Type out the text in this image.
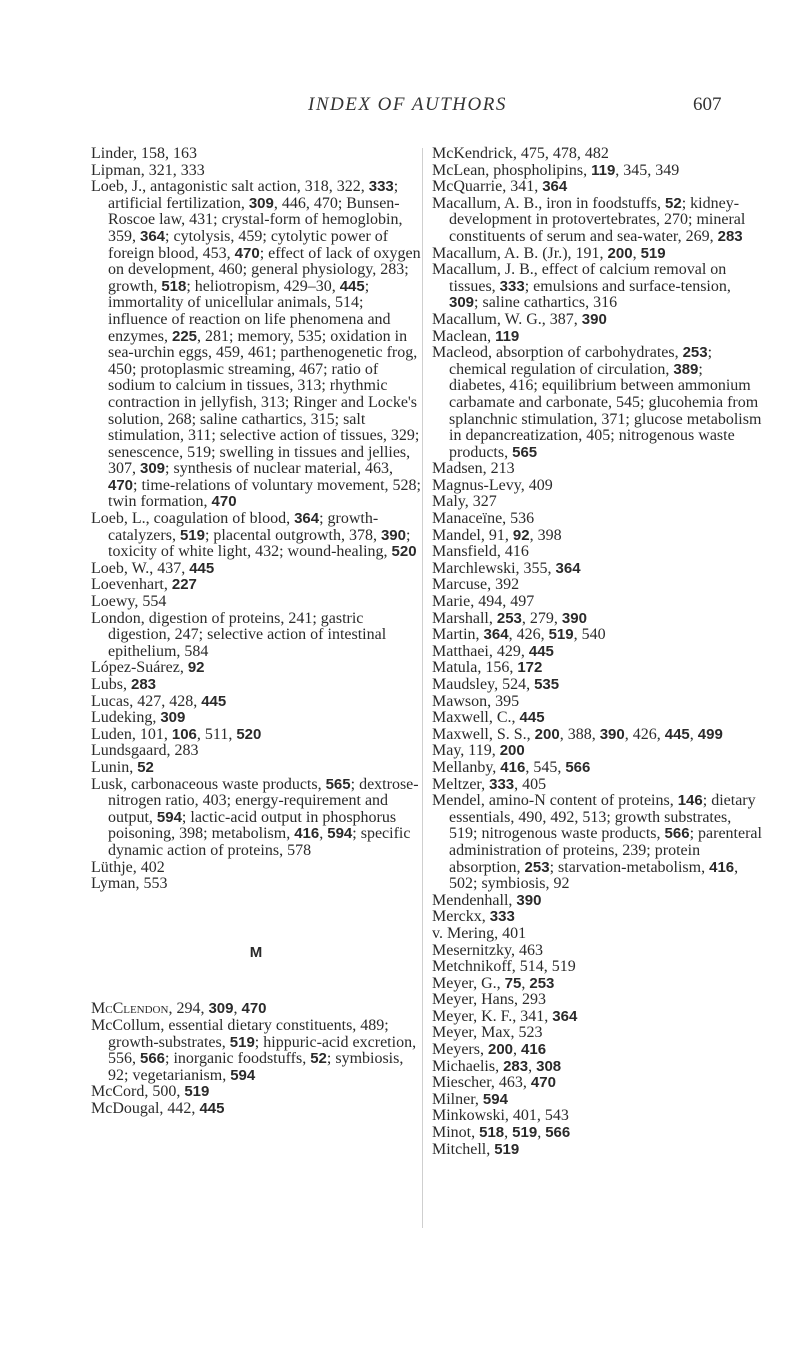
INDEX OF AUTHORS	607

Linder, 158, 163

Lipman, 321, 333

Loeb, J., antagonistic salt action, 318, 322, 333; artificial fertilization, 309, 446, 470; Bunsen-Roscoe law, 431; crystal-form of hemoglobin, 359, 364; cytolysis, 459; cytolytic power of foreign blood, 453, 470; effect of lack of oxygen on development, 460; general physiology, 283; growth, 518; heliotropism, 429–30, 445; immortality of unicellular animals, 514; influence of reaction on life phenomena and enzymes, 225, 281; memory, 535; oxidation in sea-urchin eggs, 459, 461; parthenogenetic frog, 450; protoplasmic streaming, 467; ratio of sodium to calcium in tissues, 313; rhythmic contraction in jellyfish, 313; Ringer and Locke's solution, 268; saline cathartics, 315; salt stimulation, 311; selective action of tissues, 329; senescence, 519; swelling in tissues and jellies, 307, 309; synthesis of nuclear material, 463, 470; time-relations of voluntary movement, 528; twin formation, 470

Loeb, L., coagulation of blood, 364; growth-catalyzers, 519; placental outgrowth, 378, 390; toxicity of white light, 432; wound-healing, 520

Loeb, W., 437, 445

Loevenhart, 227

Loewy, 554

London, digestion of proteins, 241; gastric digestion, 247; selective action of intestinal epithelium, 584

López-Suárez, 92

Lubs, 283

Lucas, 427, 428, 445

Ludeking, 309

Luden, 101, 106, 511, 520

Lundsgaard, 283

Lunin, 52

Lusk, carbonaceous waste products, 565; dextrose-nitrogen ratio, 403; energy-requirement and output, 594; lactic-acid output in phosphorus poisoning, 398; metabolism, 416, 594; specific dynamic action of proteins, 578

Lüthje, 402

Lyman, 553

M

McClendon, 294, 309, 470

McCollum, essential dietary constituents, 489; growth-substrates, 519; hippuric-acid excretion, 556, 566; inorganic foodstuffs, 52; symbiosis, 92; vegetarianism, 594

McCord, 500, 519

McDougal, 442, 445

McKendrick, 475, 478, 482

McLean, phospholipins, 119, 345, 349

McQuarrie, 341, 364

Macallum, A. B., iron in foodstuffs, 52; kidney-development in protovertebrates, 270; mineral constituents of serum and sea-water, 269, 283

Macallum, A. B. (Jr.), 191, 200, 519

Macallum, J. B., effect of calcium removal on tissues, 333; emulsions and surface-tension, 309; saline cathartics, 316

Macallum, W. G., 387, 390

Maclean, 119

Macleod, absorption of carbohydrates, 253; chemical regulation of circulation, 389; diabetes, 416; equilibrium between ammonium carbamate and carbonate, 545; glucohemia from splanchnic stimulation, 371; glucose metabolism in depancreatization, 405; nitrogenous waste products, 565

Madsen, 213

Magnus-Levy, 409

Maly, 327

Manaceïne, 536

Mandel, 91, 92, 398

Mansfield, 416

Marchlewski, 355, 364

Marcuse, 392

Marie, 494, 497

Marshall, 253, 279, 390

Martin, 364, 426, 519, 540

Matthaei, 429, 445

Matula, 156, 172

Maudsley, 524, 535

Mawson, 395

Maxwell, C., 445

Maxwell, S. S., 200, 388, 390, 426, 445, 499

May, 119, 200

Mellanby, 416, 545, 566

Meltzer, 333, 405

Mendel, amino-N content of proteins, 146; dietary essentials, 490, 492, 513; growth substrates, 519; nitrogenous waste products, 566; parenteral administration of proteins, 239; protein absorption, 253; starvation-metabolism, 416, 502; symbiosis, 92

Mendenhall, 390

Merckx, 333

v. Mering, 401

Mesernitzky, 463

Metchnikoff, 514, 519

Meyer, G., 75, 253

Meyer, Hans, 293

Meyer, K. F., 341, 364

Meyer, Max, 523

Meyers, 200, 416

Michaelis, 283, 308

Miescher, 463, 470

Milner, 594

Minkowski, 401, 543

Minot, 518, 519, 566

Mitchell, 519
